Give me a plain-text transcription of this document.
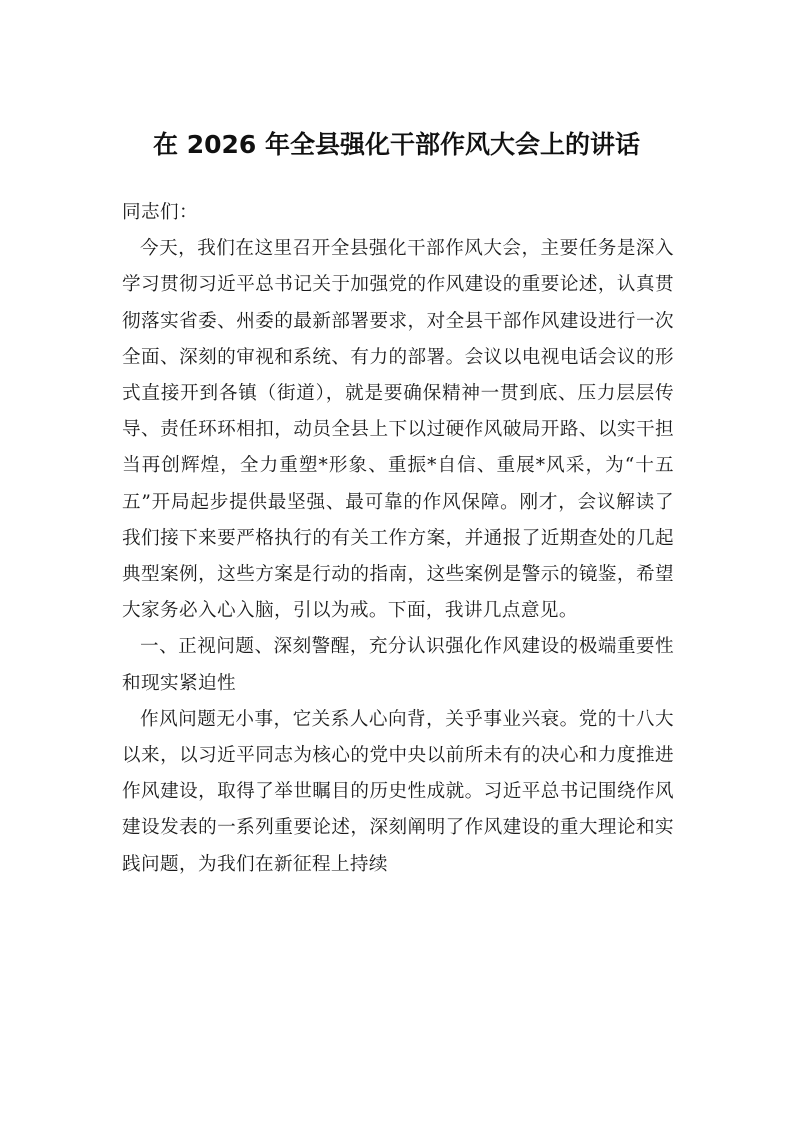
在 2026 年全县强化干部作风大会上的讲话

同志们：

今天，我们在这里召开全县强化干部作风大会，主要任务是深入学习贯彻习近平总书记关于加强党的作风建设的重要论述，认真贯彻落实省委、州委的最新部署要求，对全县干部作风建设进行一次全面、深刻的审视和系统、有力的部署。会议以电视电话会议的形式直接开到各镇（街道），就是要确保精神一贯到底、压力层层传导、责任环环相扣，动员全县上下以过硬作风破局开路、以实干担当再创辉煌，全力重塑*形象、重振*自信、重展*风采，为“十五五”开局起步提供最坚强、最可靠的作风保障。刚才，会议解读了我们接下来要严格执行的有关工作方案，并通报了近期查处的几起典型案例，这些方案是行动的指南，这些案例是警示的镜鉴，希望大家务必入心入脑，引以为戒。下面，我讲几点意见。

一、正视问题、深刻警醒，充分认识强化作风建设的极端重要性和现实紧迫性

作风问题无小事，它关系人心向背，关乎事业兴衰。党的十八大以来，以习近平同志为核心的党中央以前所未有的决心和力度推进作风建设，取得了举世瞩目的历史性成就。习近平总书记围绕作风建设发表的一系列重要论述，深刻阐明了作风建设的重大理论和实践问题，为我们在新征程上持续
